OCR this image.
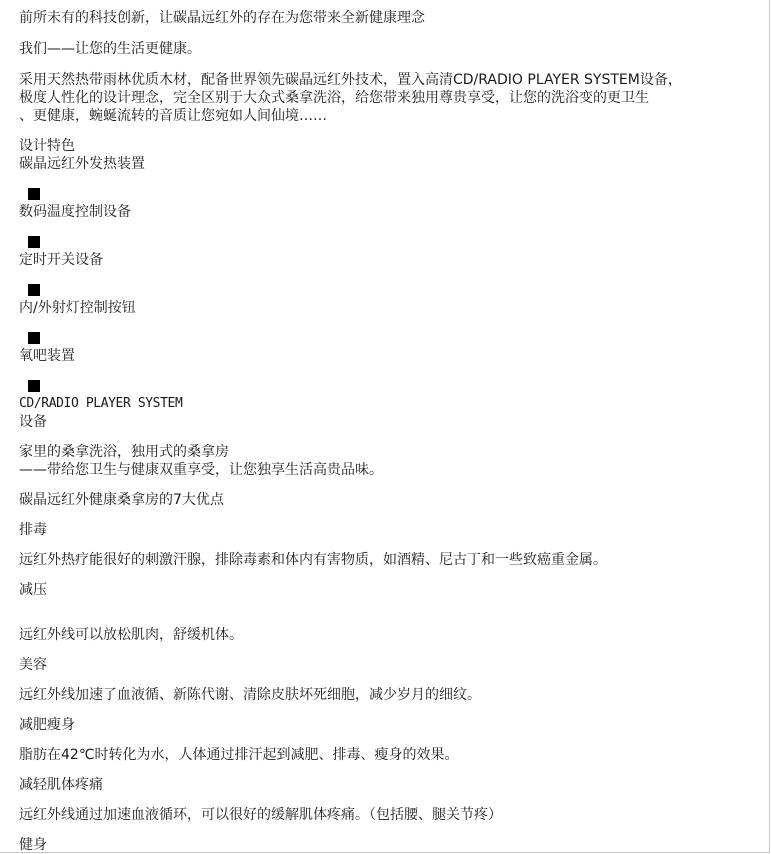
前所未有的科技创新，让碳晶远红外的存在为您带来全新健康理念

我们——让您的生活更健康。

采用天然热带雨林优质木材，配备世界领先碳晶远红外技术，置入高清CD/RADIO PLAYER SYSTEM设备，

极度人性化的设计理念，完全区别于大众式桑拿洗浴，给您带来独用尊贵享受，让您的洗浴变的更卫生

、更健康，蜿蜒流转的音质让您宛如人间仙境……

设计特色

碳晶远红外发热装置

数码温度控制设备

定时开关设备

内/外射灯控制按钮

氧吧装置

CD/RADIO PLAYER SYSTEM

设备

家里的桑拿洗浴，独用式的桑拿房

——带给您卫生与健康双重享受，让您独享生活高贵品味。

碳晶远红外健康桑拿房的7大优点

排毒

远红外热疗能很好的刺激汗腺，排除毒素和体内有害物质，如酒精、尼古丁和一些致癌重金属。

减压

远红外线可以放松肌肉，舒缓机体。

美容

远红外线加速了血液循、新陈代谢、清除皮肤坏死细胞，减少岁月的细纹。

减肥瘦身

脂肪在42℃时转化为水，人体通过排汗起到减肥、排毒、瘦身的效果。

减轻肌体疼痛

远红外线通过加速血液循环，可以很好的缓解肌体疼痛。（包括腰、腿关节疼）

健身
